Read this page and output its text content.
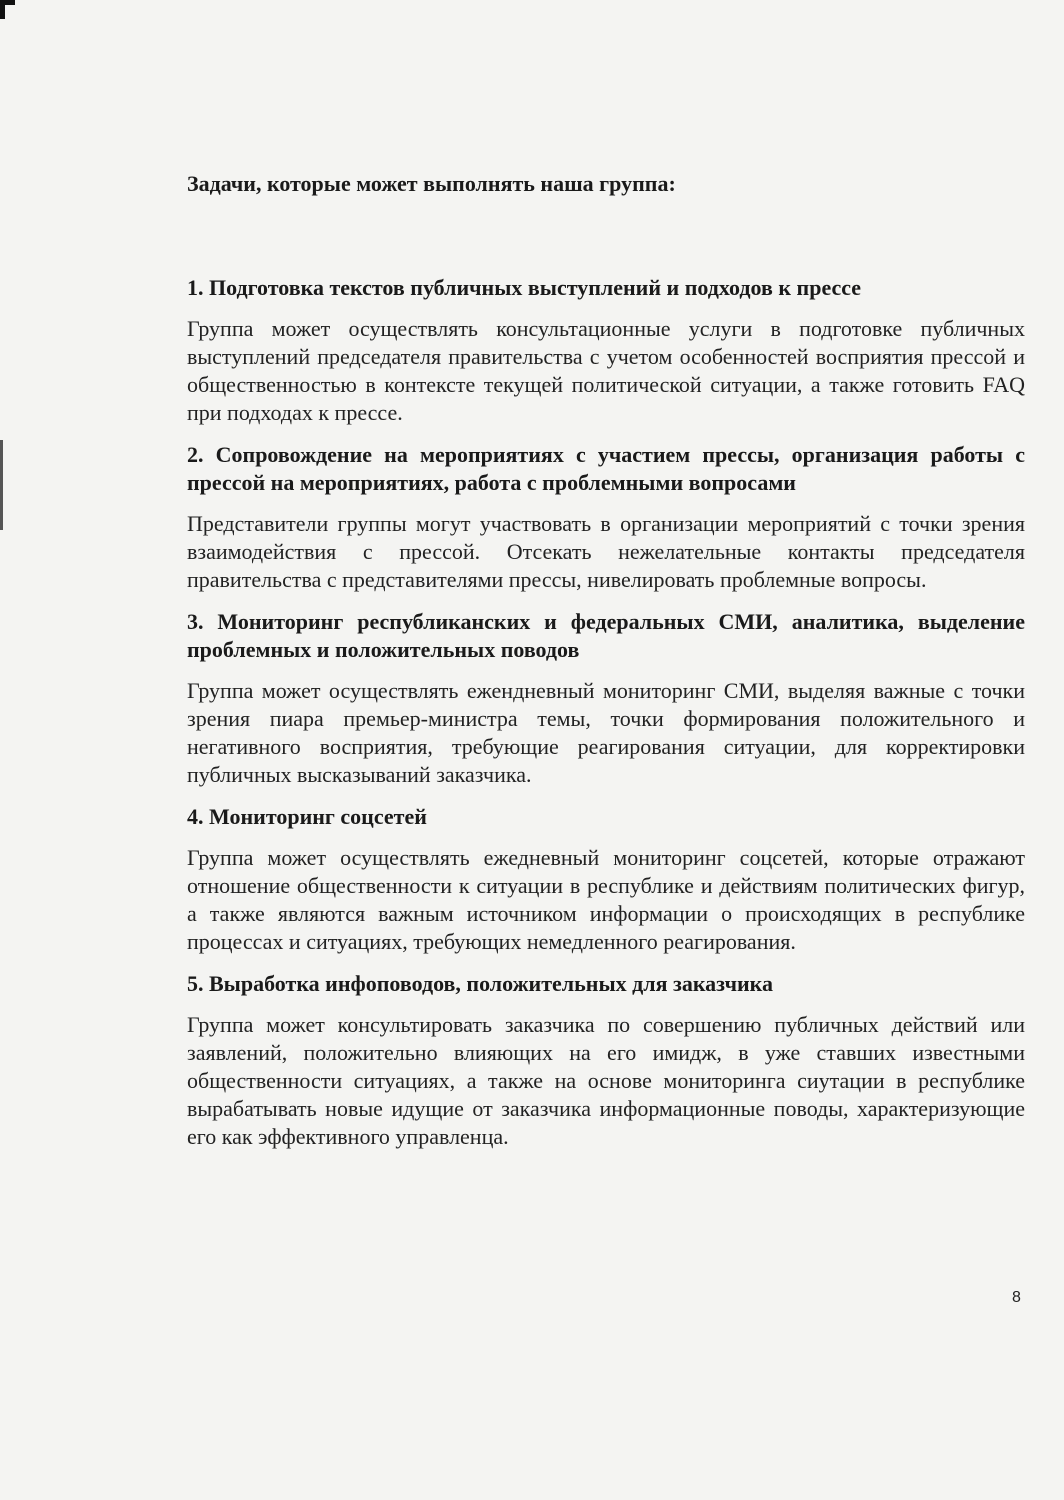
Задачи, которые может выполнять наша группа:
1. Подготовка текстов публичных выступлений и подходов к прессе
Группа может осуществлять консультационные услуги в подготовке публичных выступлений председателя правительства с учетом особенностей восприятия прессой и общественностью в контексте текущей политической ситуации, а также готовить FAQ при подходах к прессе.
2. Сопровождение на мероприятиях с участием прессы, организация работы с прессой на мероприятиях, работа с проблемными вопросами
Представители группы могут участвовать в организации мероприятий с точки зрения взаимодействия с прессой. Отсекать нежелательные контакты председателя правительства с представителями прессы, нивелировать проблемные вопросы.
3. Мониторинг республиканских и федеральных СМИ, аналитика, выделение проблемных и положительных поводов
Группа может осуществлять ежендневный мониторинг СМИ, выделяя важные с точки зрения пиара премьер-министра темы, точки формирования положительного и негативного восприятия, требующие реагирования ситуации, для корректировки публичных высказываний заказчика.
4. Мониторинг соцсетей
Группа может осуществлять ежедневный мониторинг соцсетей, которые отражают отношение общественности к ситуации в республике и действиям политических фигур, а также являются важным источником информации о происходящих в республике процессах и ситуациях, требующих немедленного реагирования.
5. Выработка инфоповодов, положительных для заказчика
Группа может консультировать заказчика по совершению публичных действий или заявлений, положительно влияющих на его имидж, в уже ставших известными общественности ситуациях, а также на основе мониторинга сиутации в республике вырабатывать новые идущие от заказчика информационные поводы, характеризующие его как эффективного управленца.
8
